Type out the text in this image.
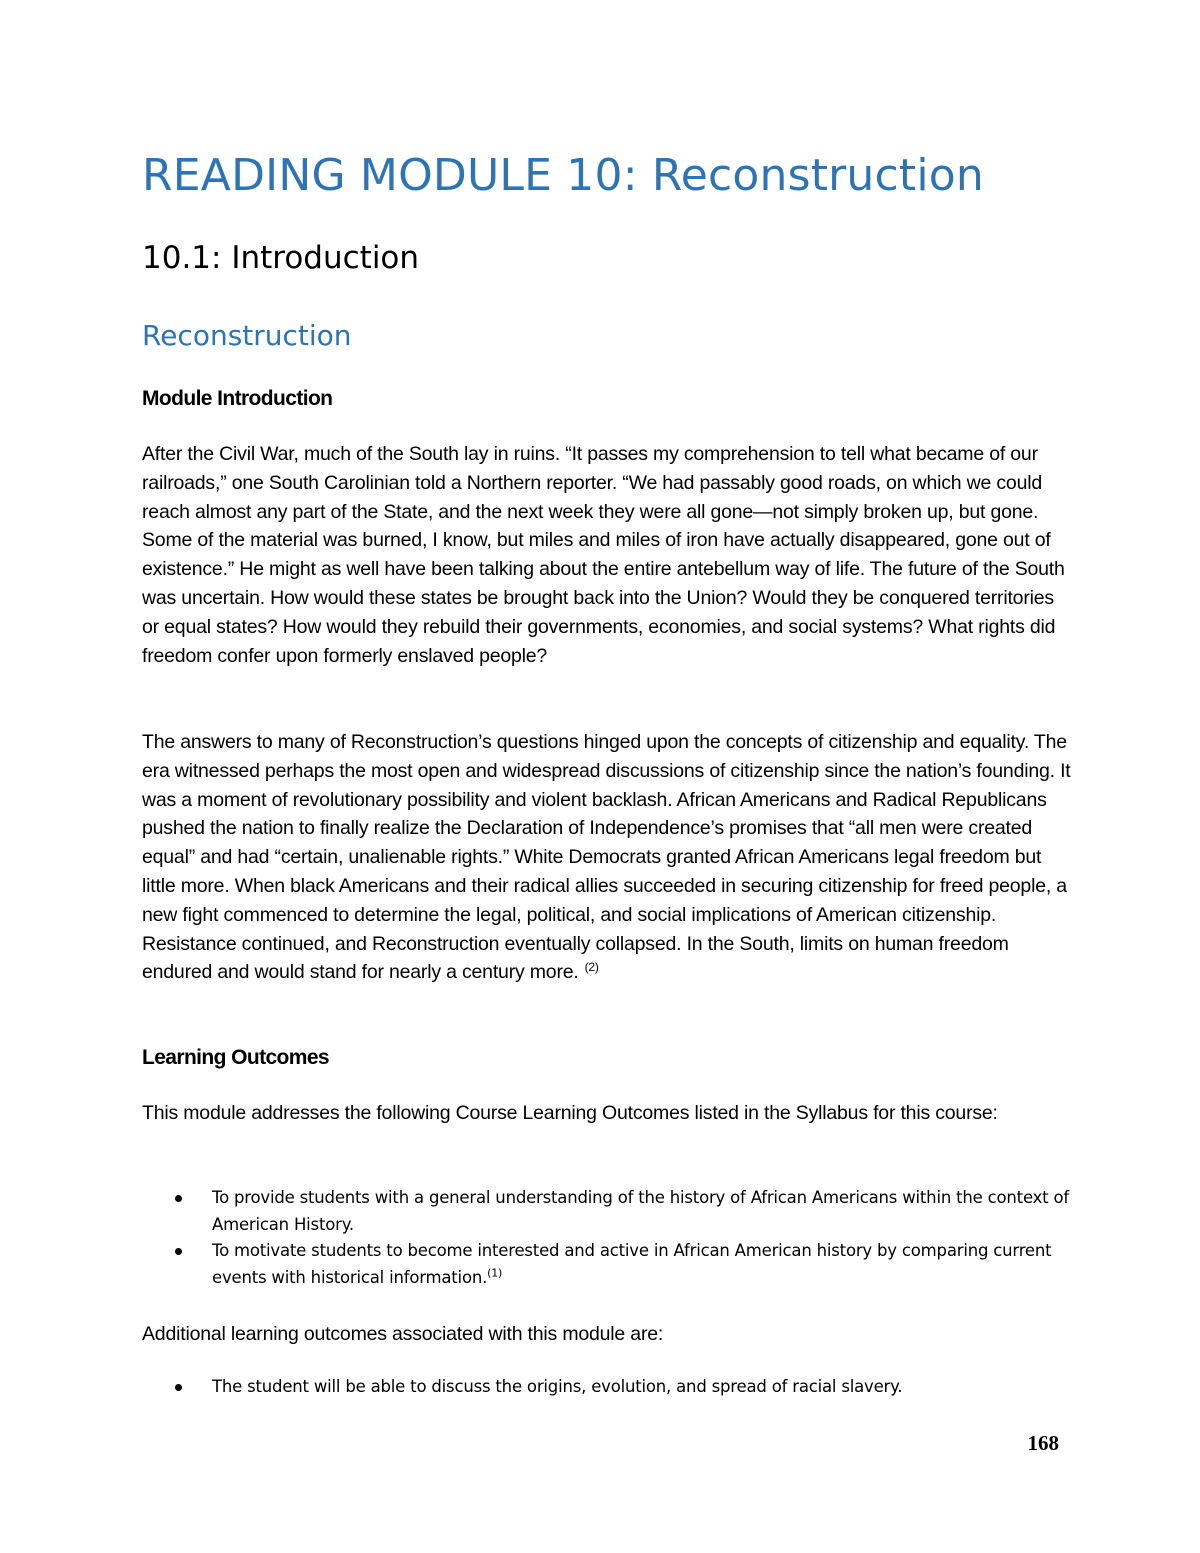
READING MODULE 10: Reconstruction
10.1: Introduction
Reconstruction
Module Introduction

After the Civil War, much of the South lay in ruins. “It passes my comprehension to tell what became of our railroads,” one South Carolinian told a Northern reporter. “We had passably good roads, on which we could reach almost any part of the State, and the next week they were all gone—not simply broken up, but gone. Some of the material was burned, I know, but miles and miles of iron have actually disappeared, gone out of existence.” He might as well have been talking about the entire antebellum way of life. The future of the South was uncertain. How would these states be brought back into the Union? Would they be conquered territories or equal states? How would they rebuild their governments, economies, and social systems? What rights did freedom confer upon formerly enslaved people?

The answers to many of Reconstruction’s questions hinged upon the concepts of citizenship and equality. The era witnessed perhaps the most open and widespread discussions of citizenship since the nation’s founding. It was a moment of revolutionary possibility and violent backlash. African Americans and Radical Republicans pushed the nation to finally realize the Declaration of Independence’s promises that “all men were created equal” and had “certain, unalienable rights.” White Democrats granted African Americans legal freedom but little more. When black Americans and their radical allies succeeded in securing citizenship for freed people, a new fight commenced to determine the legal, political, and social implications of American citizenship. Resistance continued, and Reconstruction eventually collapsed. In the South, limits on human freedom endured and would stand for nearly a century more. $^{(2)}$

Learning Outcomes

This module addresses the following Course Learning Outcomes listed in the Syllabus for this course:

To provide students with a general understanding of the history of African Americans within the context of American History.
To motivate students to become interested and active in African American history by comparing current events with historical information.$^{(1)}$

Additional learning outcomes associated with this module are:

The student will be able to discuss the origins, evolution, and spread of racial slavery.

168
